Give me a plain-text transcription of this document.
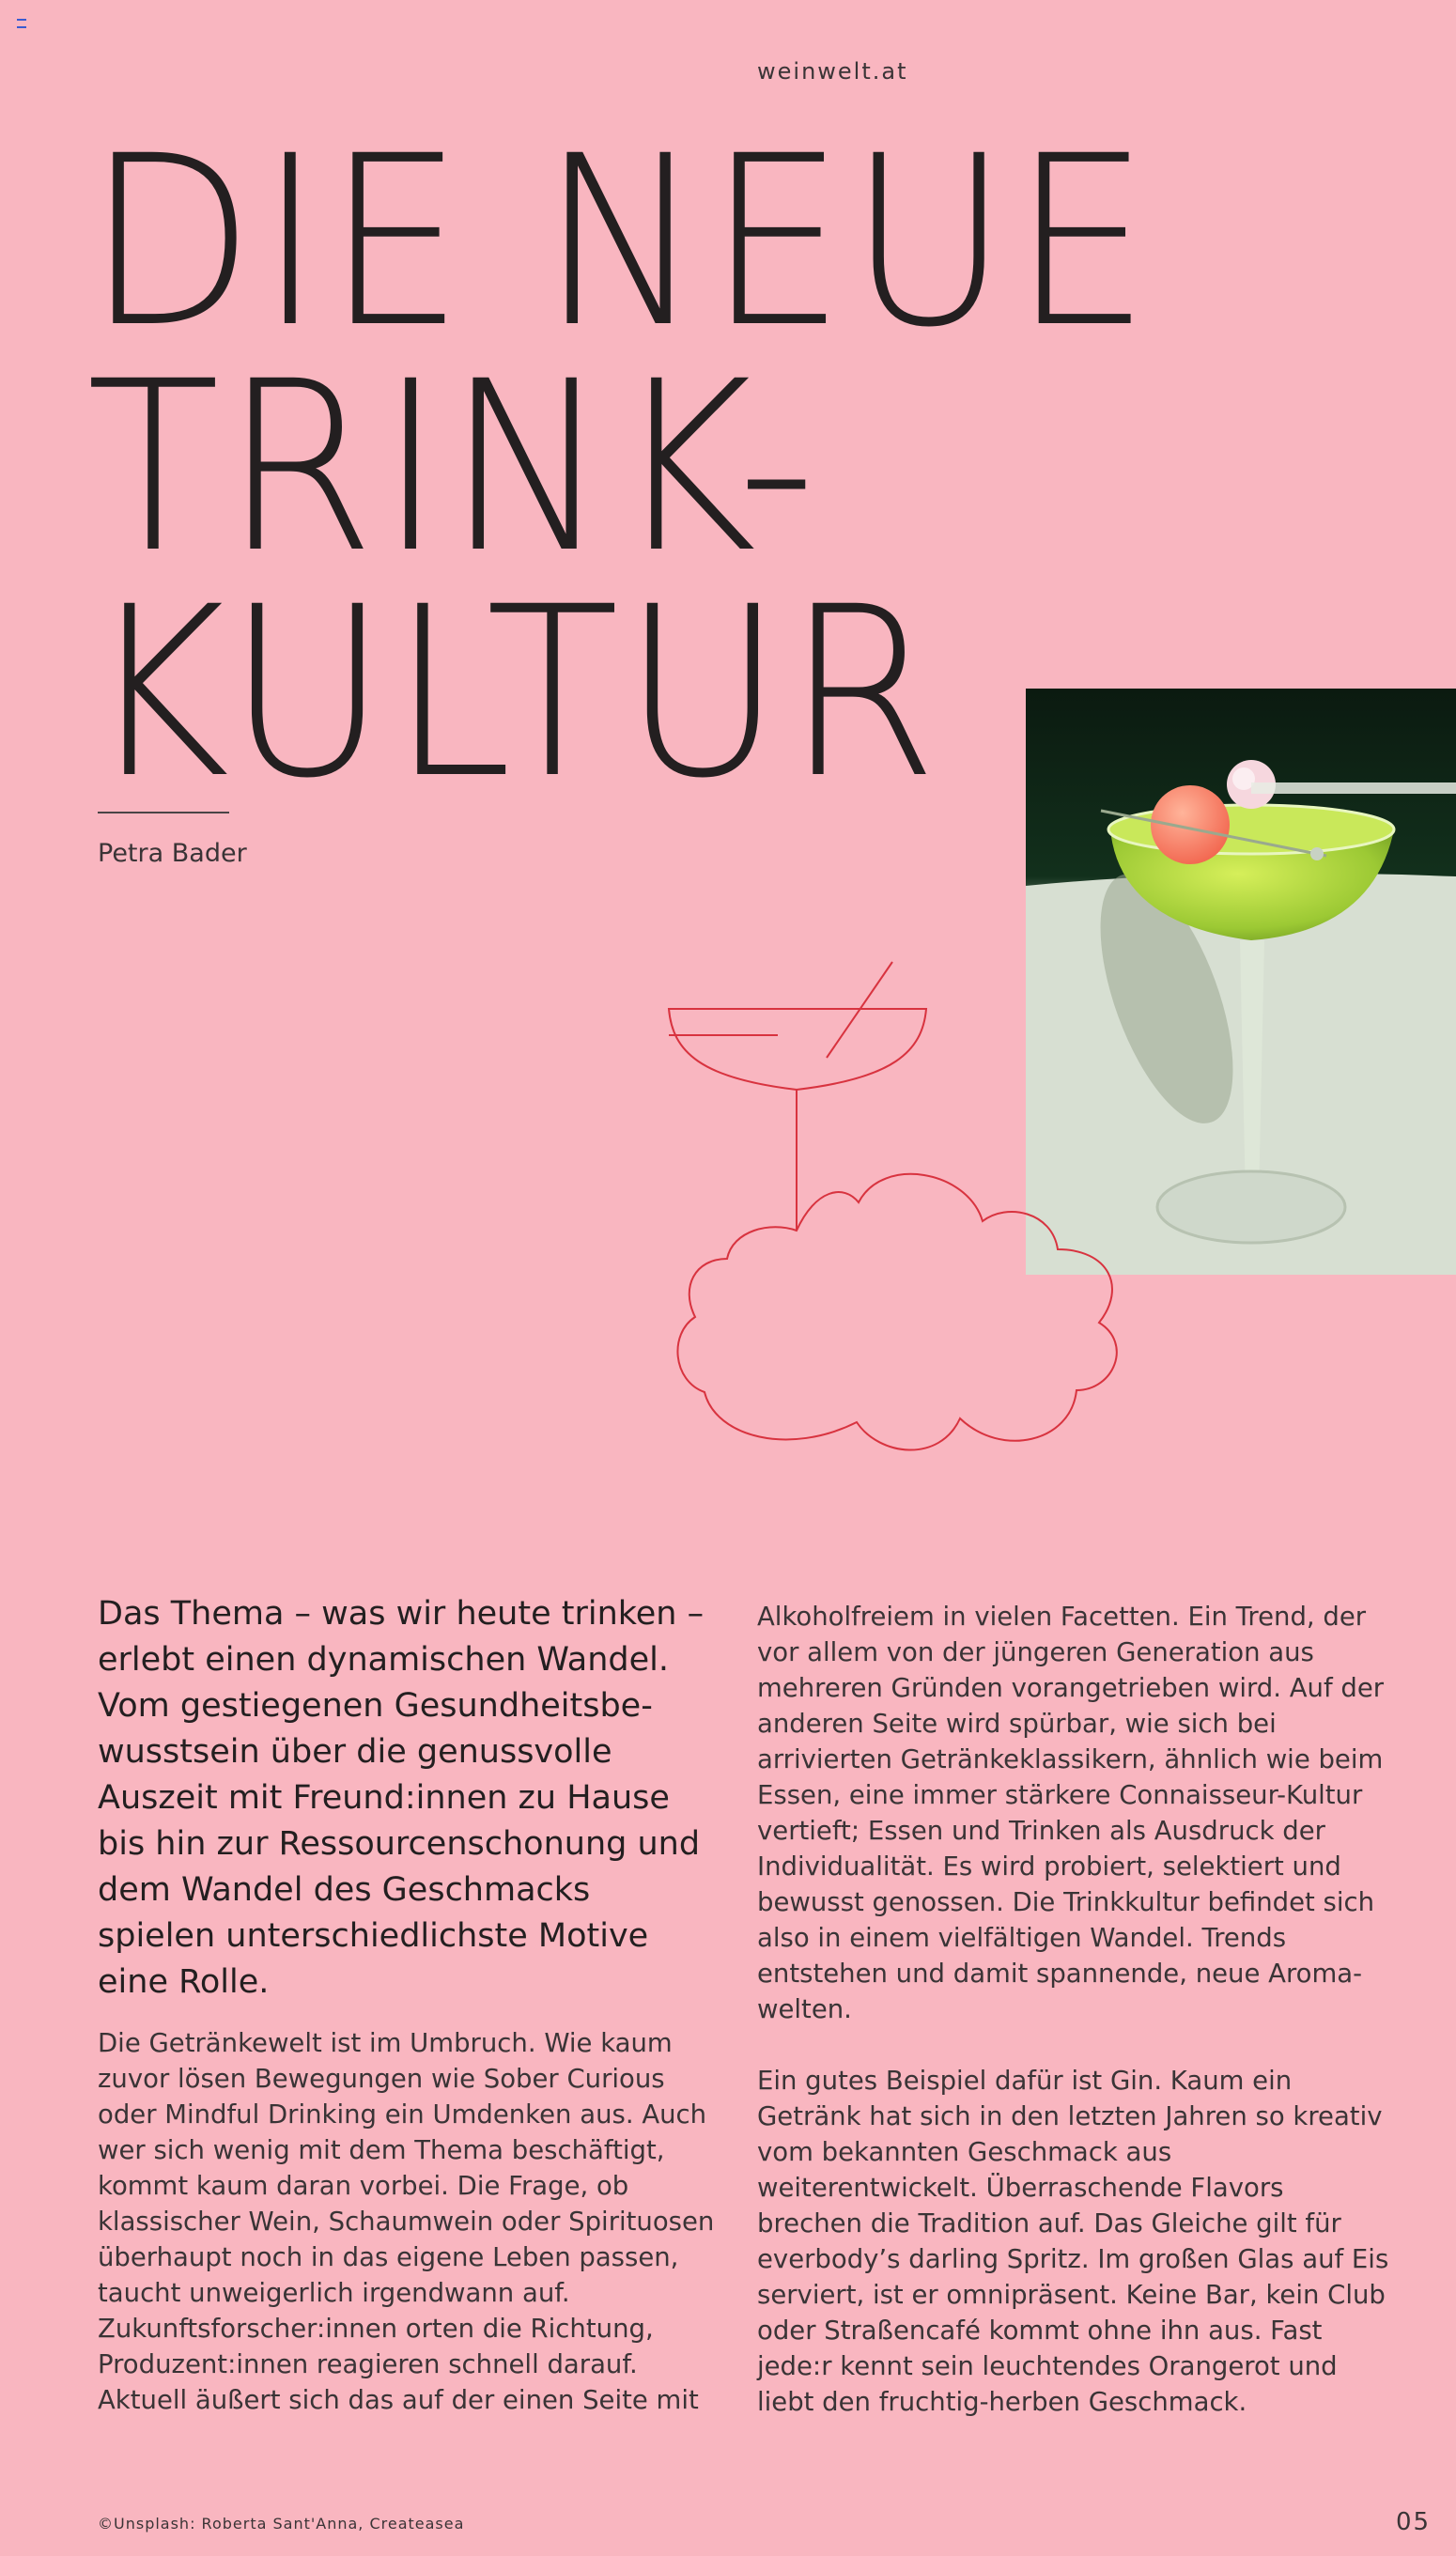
weinwelt.at
DIE NEUE
TRINK-
KULTUR
Petra Bader
Das Thema – was wir heute trinken – erlebt einen dynamischen Wandel. Vom gestiegenen Gesundheitsbewusstsein über die genussvolle Auszeit mit Freund:innen zu Hause bis hin zur Ressourcenschonung und dem Wandel des Geschmacks spielen unterschiedlichste Motive eine Rolle.

Die Getränkewelt ist im Umbruch. Wie kaum zuvor lösen Bewegungen wie Sober Curious oder Mindful Drinking ein Umdenken aus. Auch wer sich wenig mit dem Thema beschäftigt, kommt kaum daran vorbei. Die Frage, ob klassischer Wein, Schaumwein oder Spirituosen überhaupt noch in das eigene Leben passen, taucht unweigerlich irgendwann auf. Zukunftsforscher:innen orten die Richtung, Produzent:innen reagieren schnell darauf. Aktuell äußert sich das auf der einen Seite mit

Alkoholfreiem in vielen Facetten. Ein Trend, der vor allem von der jüngeren Generation aus mehreren Gründen vorangetrieben wird. Auf der anderen Seite wird spürbar, wie sich bei arrivierten Getränkeklassikern, ähnlich wie beim Essen, eine immer stärkere Connaisseur-Kultur vertieft; Essen und Trinken als Ausdruck der Individualität. Es wird probiert, selektiert und bewusst genossen. Die Trinkkultur befindet sich also in einem vielfältigen Wandel. Trends entstehen und damit spannende, neue Aromawelten.

Ein gutes Beispiel dafür ist Gin. Kaum ein Getränk hat sich in den letzten Jahren so kreativ vom bekannten Geschmack aus weiterentwickelt. Überraschende Flavors brechen die Tradition auf. Das Gleiche gilt für everbody’s darling Spritz. Im großen Glas auf Eis serviert, ist er omnipräsent. Keine Bar, kein Club oder Straßencafé kommt ohne ihn aus. Fast jede:r kennt sein leuchtendes Orangerot und liebt den fruchtig-herben Geschmack.

©Unsplash: Roberta Sant'Anna, Createasea	05
